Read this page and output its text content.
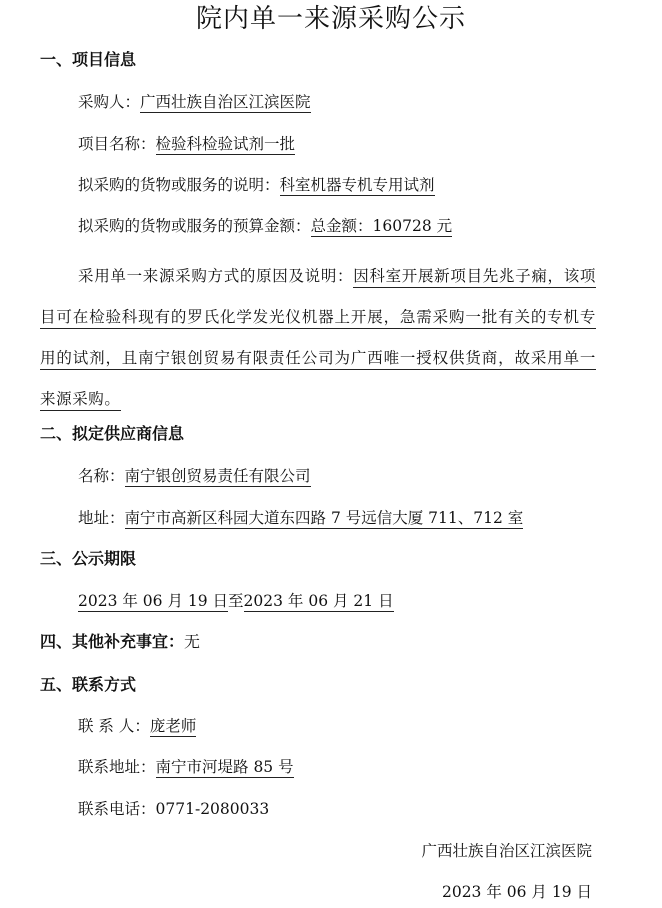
院内单一来源采购公示
一、项目信息
采购人：广西壮族自治区江滨医院
项目名称：检验科检验试剂一批
拟采购的货物或服务的说明：科室机器专机专用试剂
拟采购的货物或服务的预算金额：总金额：160728 元
采用单一来源采购方式的原因及说明：因科室开展新项目先兆子痫，该项目可在检验科现有的罗氏化学发光仪机器上开展，急需采购一批有关的专机专用的试剂，且南宁银创贸易有限责任公司为广西唯一授权供货商，故采用单一来源采购。
二、拟定供应商信息
名称：南宁银创贸易责任有限公司
地址：南宁市高新区科园大道东四路 7 号远信大厦 711、712 室
三、公示期限
2023 年 06 月 19 日至2023 年 06 月 21 日
四、其他补充事宜：无
五、联系方式
联 系 人：庞老师
联系地址：南宁市河堤路 85 号
联系电话：0771-2080033
广西壮族自治区江滨医院
2023 年 06 月 19 日
